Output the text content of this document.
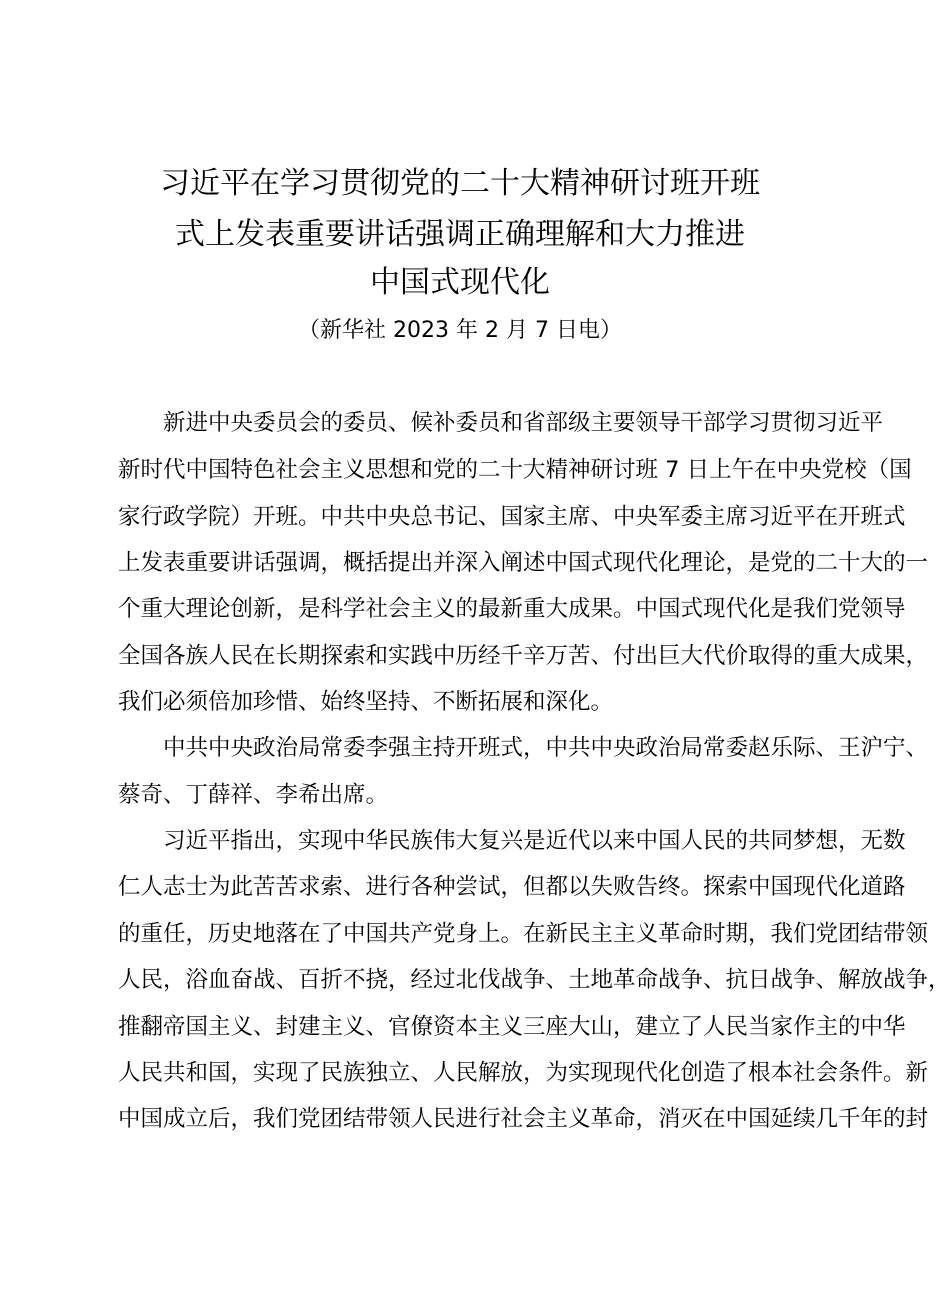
习近平在学习贯彻党的二十大精神研讨班开班
式上发表重要讲话强调正确理解和大力推进
中国式现代化
（新华社 2023 年 2 月 7 日电）
新进中央委员会的委员、候补委员和省部级主要领导干部学习贯彻习近平
新时代中国特色社会主义思想和党的二十大精神研讨班 7 日上午在中央党校（国
家行政学院）开班。中共中央总书记、国家主席、中央军委主席习近平在开班式
上发表重要讲话强调，概括提出并深入阐述中国式现代化理论，是党的二十大的一
个重大理论创新，是科学社会主义的最新重大成果。中国式现代化是我们党领导
全国各族人民在长期探索和实践中历经千辛万苦、付出巨大代价取得的重大成果，
我们必须倍加珍惜、始终坚持、不断拓展和深化。
中共中央政治局常委李强主持开班式，中共中央政治局常委赵乐际、王沪宁、
蔡奇、丁薛祥、李希出席。
习近平指出，实现中华民族伟大复兴是近代以来中国人民的共同梦想，无数
仁人志士为此苦苦求索、进行各种尝试，但都以失败告终。探索中国现代化道路
的重任，历史地落在了中国共产党身上。在新民主主义革命时期，我们党团结带领
人民，浴血奋战、百折不挠，经过北伐战争、土地革命战争、抗日战争、解放战争，
推翻帝国主义、封建主义、官僚资本主义三座大山，建立了人民当家作主的中华
人民共和国，实现了民族独立、人民解放，为实现现代化创造了根本社会条件。新
中国成立后，我们党团结带领人民进行社会主义革命，消灭在中国延续几千年的封
